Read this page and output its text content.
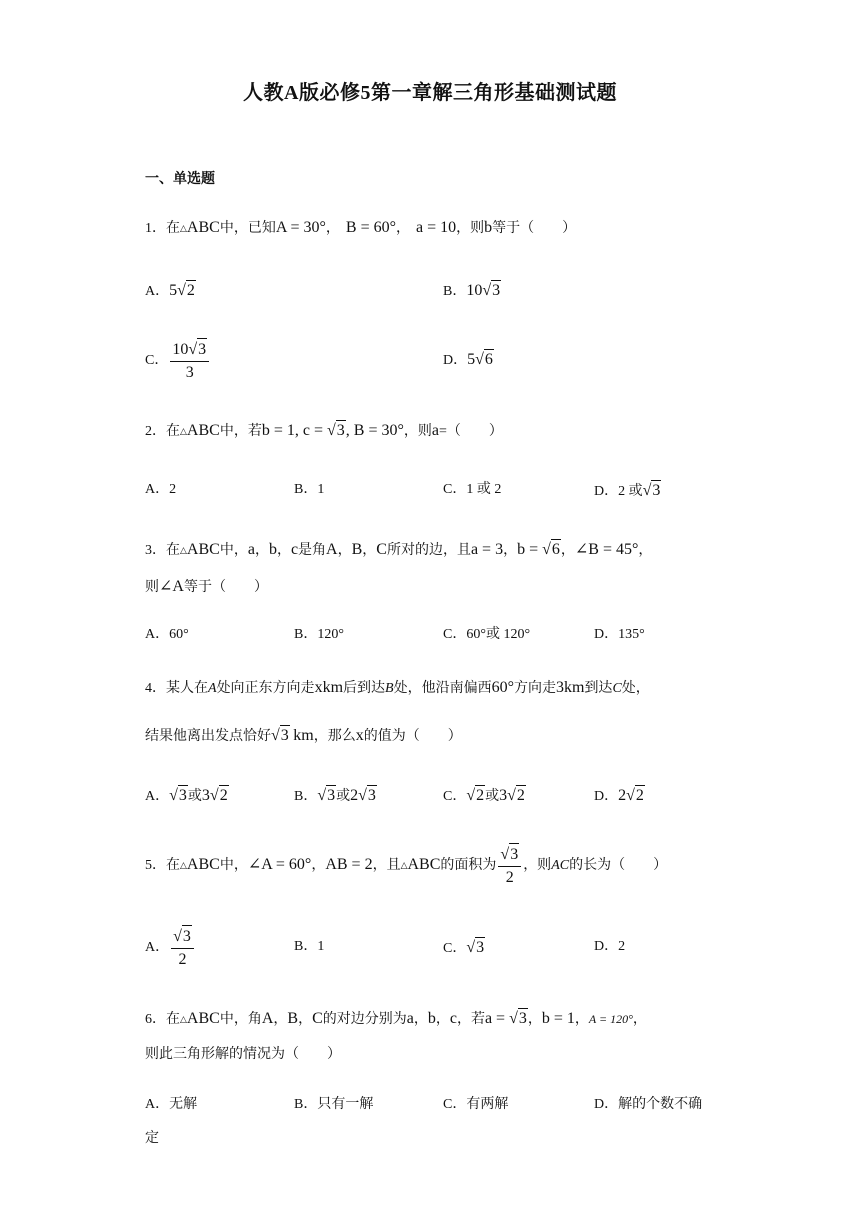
人教A版必修5第一章解三角形基础测试题
一、单选题
1．在△ABC中，已知A = 30°， B = 60°， a = 10，则b等于（　　）
A．5√2	B．10√3
C． $\frac{10√3}{3}$	D．5√6
2．在△ABC中，若b = 1, c = √3, B = 30°，则a=（　　）
A．2	B．1	C．1 或 2	D．2 或√3
3．在△ABC中，a，b，c是角A，B，C所对的边，且a = 3，b = √6，∠B = 45°，
则∠A等于（　　）
A．60°	B．120°	C．60°或 120°	D．135°
4．某人在A处向正东方向走xkm后到达B处，他沿南偏西60°方向走3km到达C处，
结果他离出发点恰好√3 km，那么x的值为（　　）
A．√3或3√2	B．√3或2√3	C．√2或3√2	D．2√2
5．在△ABC中，∠A = 60°，AB = 2，且△ABC的面积为 $\frac{√3}{2}$ ，则AC的长为（　　）
A． $\frac{√3}{2}$	B．1	C．√3	D．2
6．在△ABC中，角A，B，C的对边分别为a，b，c，若a = √3，b = 1，A = 120°，
则此三角形解的情况为（　　）
A．无解	B．只有一解	C．有两解	D．解的个数不确
定
